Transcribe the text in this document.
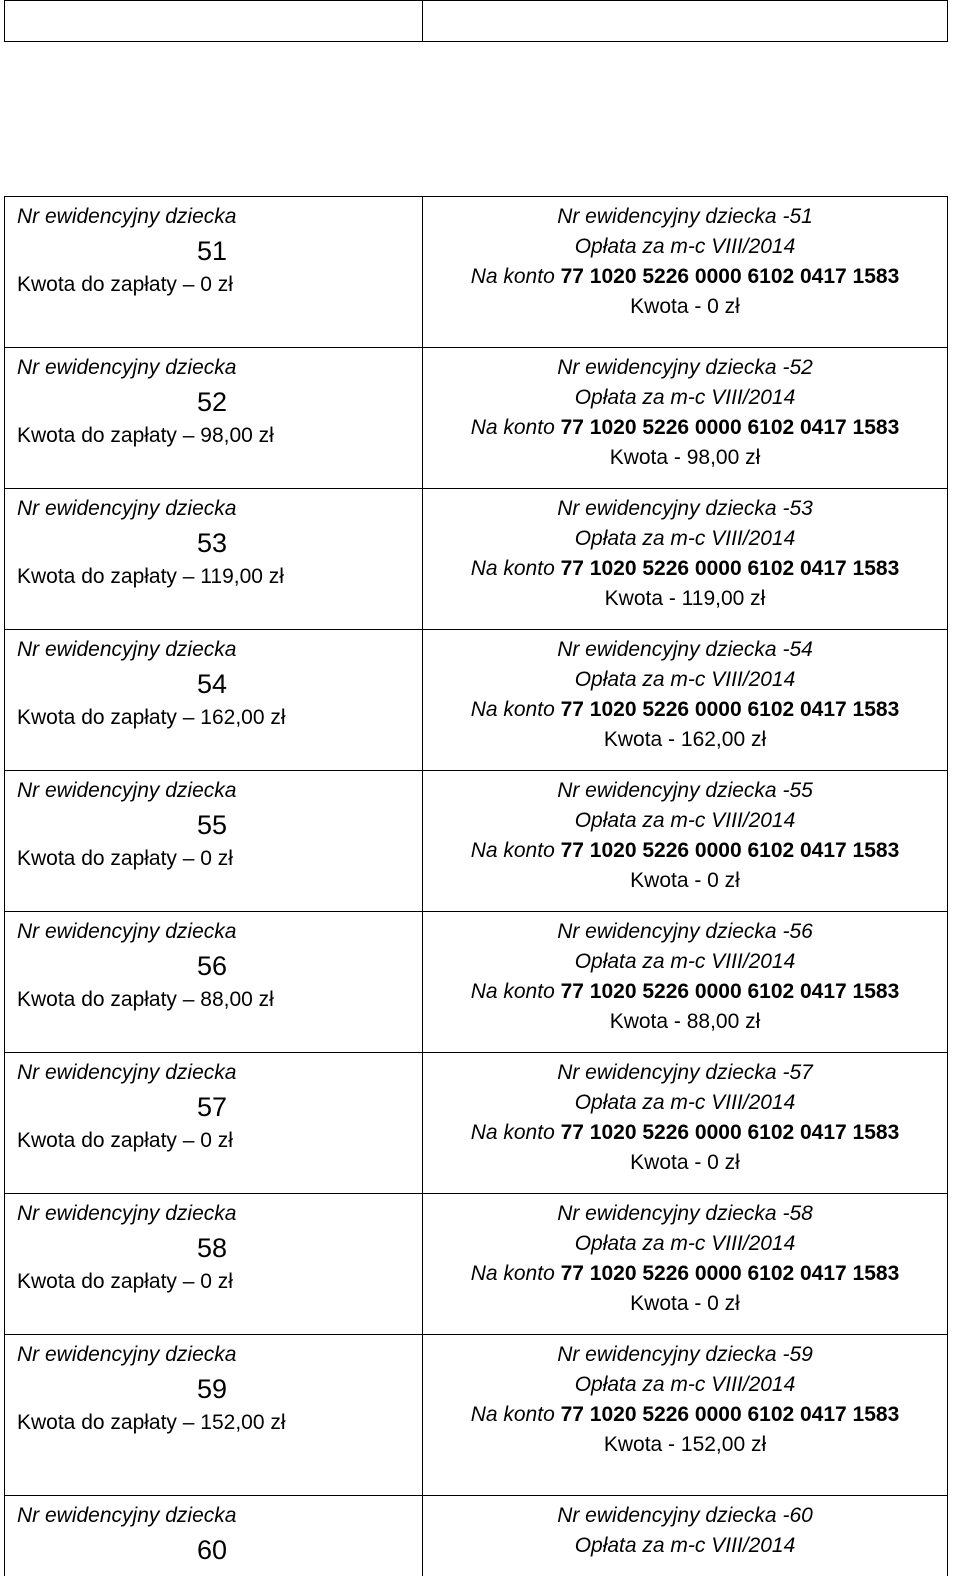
Nr ewidencyjny dziecka
51
Kwota do zapłaty – 0 zł
Nr ewidencyjny dziecka -51
Opłata za m-c VIII/2014
Na konto 77 1020 5226 0000 6102 0417 1583
Kwota - 0 zł
Nr ewidencyjny dziecka
52
Kwota do zapłaty – 98,00 zł
Nr ewidencyjny dziecka -52
Opłata za m-c VIII/2014
Na konto 77 1020 5226 0000 6102 0417 1583
Kwota - 98,00 zł
Nr ewidencyjny dziecka
53
Kwota do zapłaty – 119,00 zł
Nr ewidencyjny dziecka -53
Opłata za m-c VIII/2014
Na konto 77 1020 5226 0000 6102 0417 1583
Kwota - 119,00 zł
Nr ewidencyjny dziecka
54
Kwota do zapłaty – 162,00 zł
Nr ewidencyjny dziecka -54
Opłata za m-c VIII/2014
Na konto 77 1020 5226 0000 6102 0417 1583
Kwota - 162,00 zł
Nr ewidencyjny dziecka
55
Kwota do zapłaty – 0 zł
Nr ewidencyjny dziecka -55
Opłata za m-c VIII/2014
Na konto 77 1020 5226 0000 6102 0417 1583
Kwota - 0 zł
Nr ewidencyjny dziecka
56
Kwota do zapłaty – 88,00 zł
Nr ewidencyjny dziecka -56
Opłata za m-c VIII/2014
Na konto 77 1020 5226 0000 6102 0417 1583
Kwota - 88,00 zł
Nr ewidencyjny dziecka
57
Kwota do zapłaty – 0 zł
Nr ewidencyjny dziecka -57
Opłata za m-c VIII/2014
Na konto 77 1020 5226 0000 6102 0417 1583
Kwota - 0 zł
Nr ewidencyjny dziecka
58
Kwota do zapłaty – 0 zł
Nr ewidencyjny dziecka -58
Opłata za m-c VIII/2014
Na konto 77 1020 5226 0000 6102 0417 1583
Kwota - 0 zł
Nr ewidencyjny dziecka
59
Kwota do zapłaty – 152,00 zł
Nr ewidencyjny dziecka -59
Opłata za m-c VIII/2014
Na konto 77 1020 5226 0000 6102 0417 1583
Kwota - 152,00 zł
Nr ewidencyjny dziecka
60
Nr ewidencyjny dziecka -60
Opłata za m-c VIII/2014
